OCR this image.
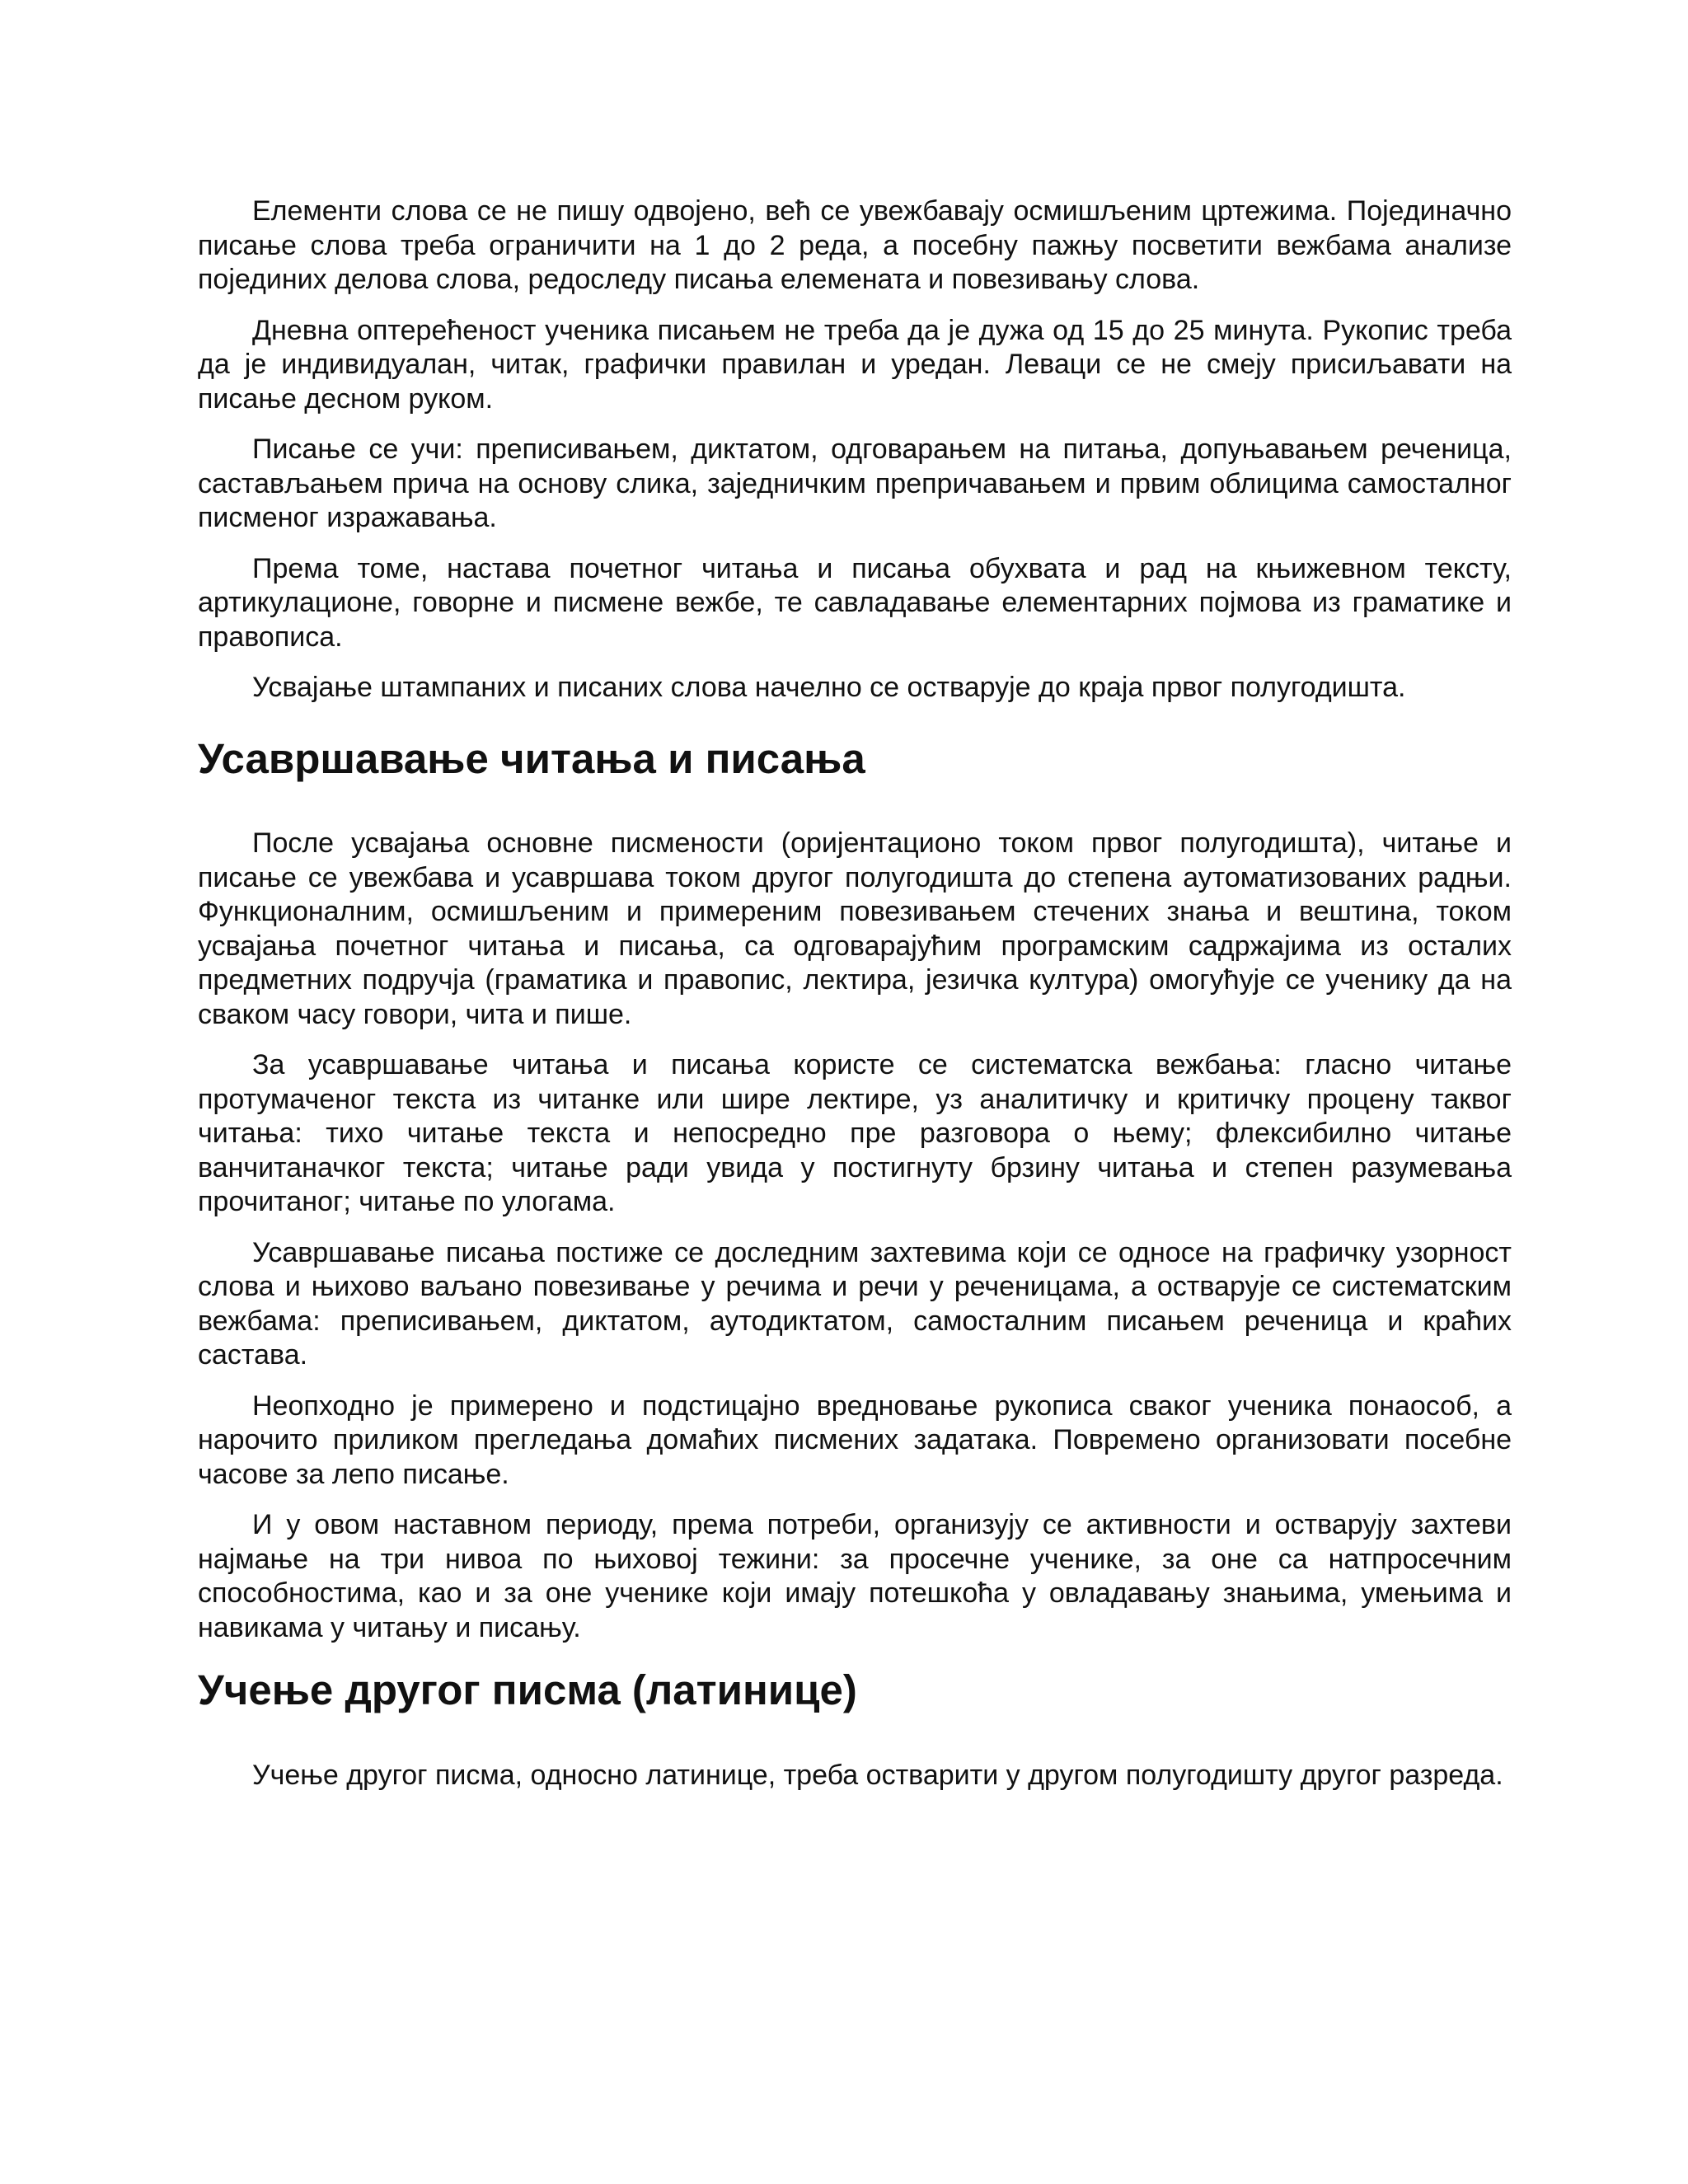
Елементи слова се не пишу одвојено, већ се увежбавају осмишљеним цртежима. Појединачно писање слова треба ограничити на 1 до 2 реда, а посебну пажњу посветити вежбама анализе појединих делова слова, редоследу писања елемената и повезивању слова.

Дневна оптерећеност ученика писањем не треба да је дужа од 15 до 25 минута. Рукопис треба да је индивидуалан, читак, графички правилан и уредан. Леваци се не смеју присиљавати на писање десном руком.

Писање се учи: преписивањем, диктатом, одговарањем на питања, допуњавањем реченица, састављањем прича на основу слика, заједничким препричавањем и првим облицима самосталног писменог изражавања.

Према томе, настава почетног читања и писања обухвата и рад на књижевном тексту, артикулационе, говорне и писмене вежбе, те савладавање елементарних појмова из граматике и правописа.

Усвајање штампаних и писаних слова начелно се остварује до краја првог полугодишта.

Усавршавање читања и писања

После усвајања основне писмености (оријентационо током првог полугодишта), читање и писање се увежбава и усавршава током другог полугодишта до степена аутоматизованих радњи. Функционалним, осмишљеним и примереним повезивањем стечених знања и вештина, током усвајања почетног читања и писања, са одговарајућим програмским садржајима из осталих предметних подручја (граматика и правопис, лектира, језичка култура) омогућује се ученику да на сваком часу говори, чита и пише.

За усавршавање читања и писања користе се систематска вежбања: гласно читање протумаченог текста из читанке или шире лектире, уз аналитичку и критичку процену таквог читања: тихо читање текста и непосредно пре разговора о њему; флексибилно читање ванчитаначког текста; читање ради увида у постигнуту брзину читања и степен разумевања прочитаног; читање по улогама.

Усавршавање писања постиже се доследним захтевима који се односе на графичку узорност слова и њихово ваљано повезивање у речима и речи у реченицама, а остварује се систематским вежбама: преписивањем, диктатом, аутодиктатом, самосталним писањем реченица и краћих састава.

Неопходно је примерено и подстицајно вредновање рукописа сваког ученика понаособ, а нарочито приликом прегледања домаћих писмених задатака. Повремено организовати посебне часове за лепо писање.

И у овом наставном периоду, према потреби, организују се активности и остварују захтеви најмање на три нивоа по њиховој тежини: за просечне ученике, за оне са натпросечним способностима, као и за оне ученике који имају потешкоћа у овладавању знањима, умењима и навикама у читању и писању.

Учење другог писма (латинице)

Учење другог писма, односно латинице, треба остварити у другом полугодишту другог разреда.
